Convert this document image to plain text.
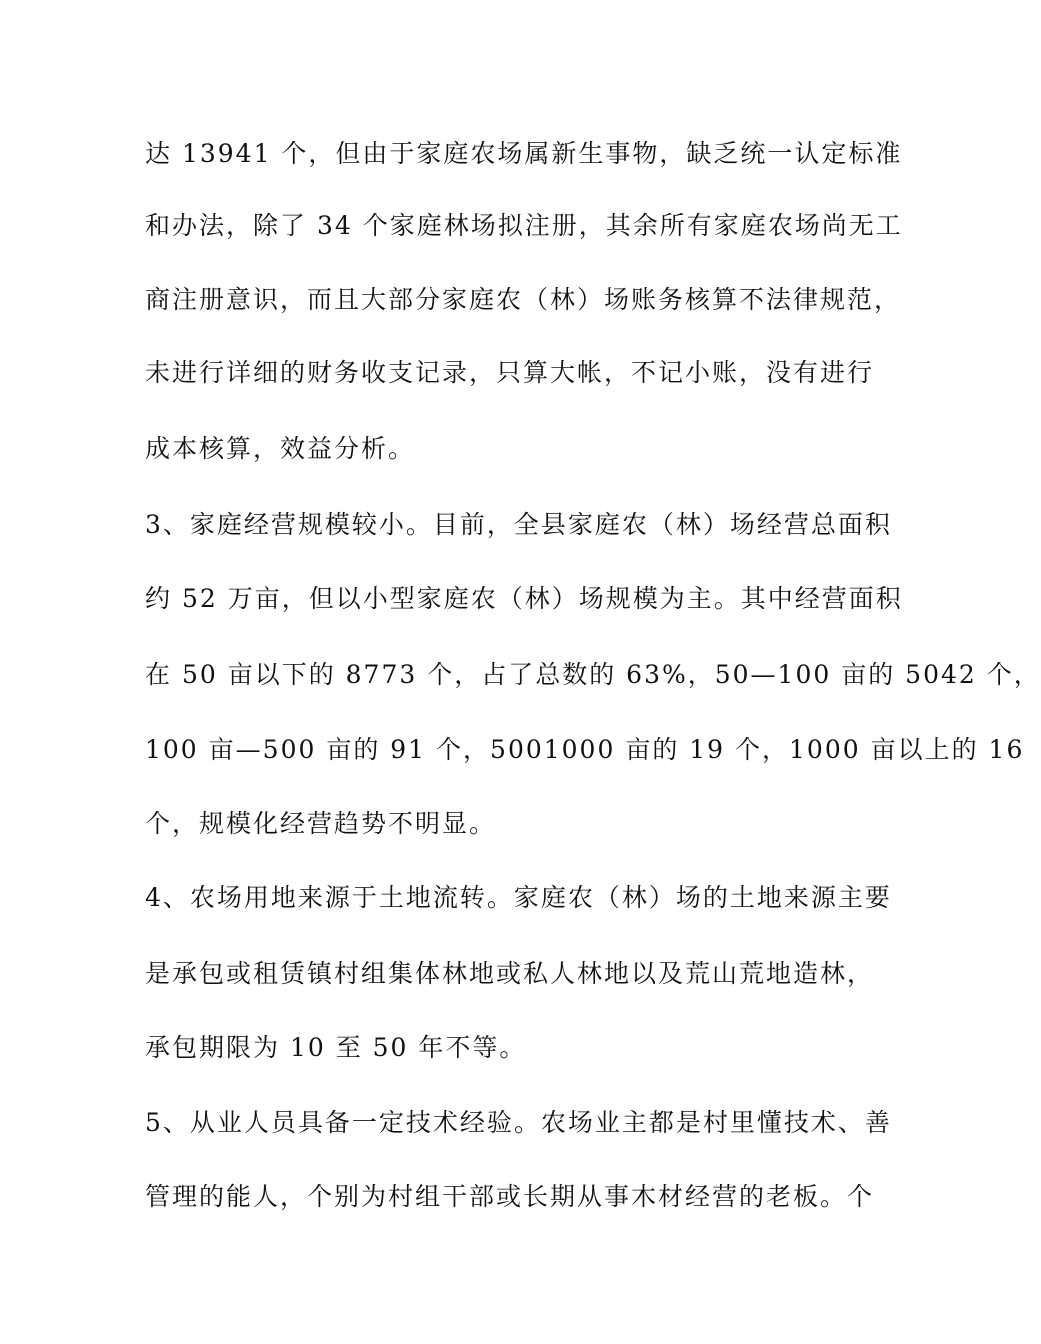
达 13941 个，但由于家庭农场属新生事物，缺乏统一认定标准
和办法，除了 34 个家庭林场拟注册，其余所有家庭农场尚无工
商注册意识，而且大部分家庭农（林）场账务核算不法律规范，
未进行详细的财务收支记录，只算大帐，不记小账，没有进行
成本核算，效益分析。
3、家庭经营规模较小。目前，全县家庭农（林）场经营总面积
约 52 万亩，但以小型家庭农（林）场规模为主。其中经营面积
在 50 亩以下的 8773 个，占了总数的 63%，50—100 亩的 5042 个，
100 亩—500 亩的 91 个，5001000 亩的 19 个，1000 亩以上的 16
个，规模化经营趋势不明显。
4、农场用地来源于土地流转。家庭农（林）场的土地来源主要
是承包或租赁镇村组集体林地或私人林地以及荒山荒地造林，
承包期限为 10 至 50 年不等。
5、从业人员具备一定技术经验。农场业主都是村里懂技术、善
管理的能人，个别为村组干部或长期从事木材经营的老板。个
